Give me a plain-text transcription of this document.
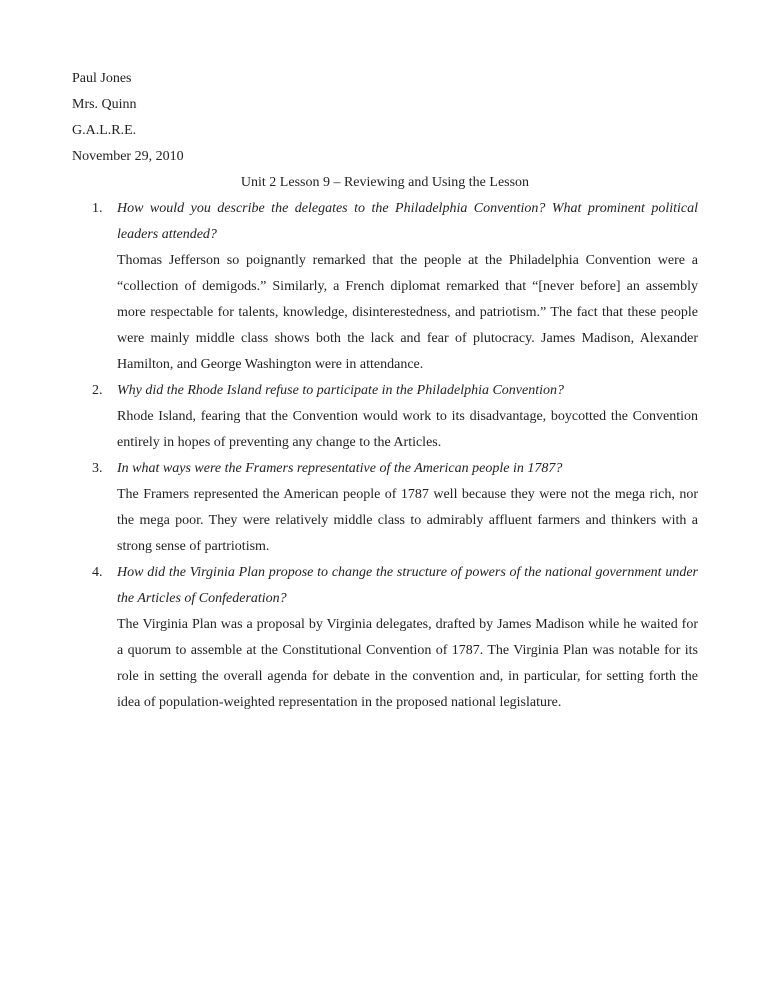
Paul Jones
Mrs. Quinn
G.A.L.R.E.
November 29, 2010
Unit 2 Lesson 9 – Reviewing and Using the Lesson
1. How would you describe the delegates to the Philadelphia Convention? What prominent political leaders attended?

Thomas Jefferson so poignantly remarked that the people at the Philadelphia Convention were a “collection of demigods.” Similarly, a French diplomat remarked that “[never before] an assembly more respectable for talents, knowledge, disinterestedness, and patriotism.” The fact that these people were mainly middle class shows both the lack and fear of plutocracy. James Madison, Alexander Hamilton, and George Washington were in attendance.

2. Why did the Rhode Island refuse to participate in the Philadelphia Convention?

Rhode Island, fearing that the Convention would work to its disadvantage, boycotted the Convention entirely in hopes of preventing any change to the Articles.

3. In what ways were the Framers representative of the American people in 1787?

The Framers represented the American people of 1787 well because they were not the mega rich, nor the mega poor. They were relatively middle class to admirably affluent farmers and thinkers with a strong sense of partriotism.

4. How did the Virginia Plan propose to change the structure of powers of the national government under the Articles of Confederation?

The Virginia Plan was a proposal by Virginia delegates, drafted by James Madison while he waited for a quorum to assemble at the Constitutional Convention of 1787. The Virginia Plan was notable for its role in setting the overall agenda for debate in the convention and, in particular, for setting forth the idea of population-weighted representation in the proposed national legislature.
